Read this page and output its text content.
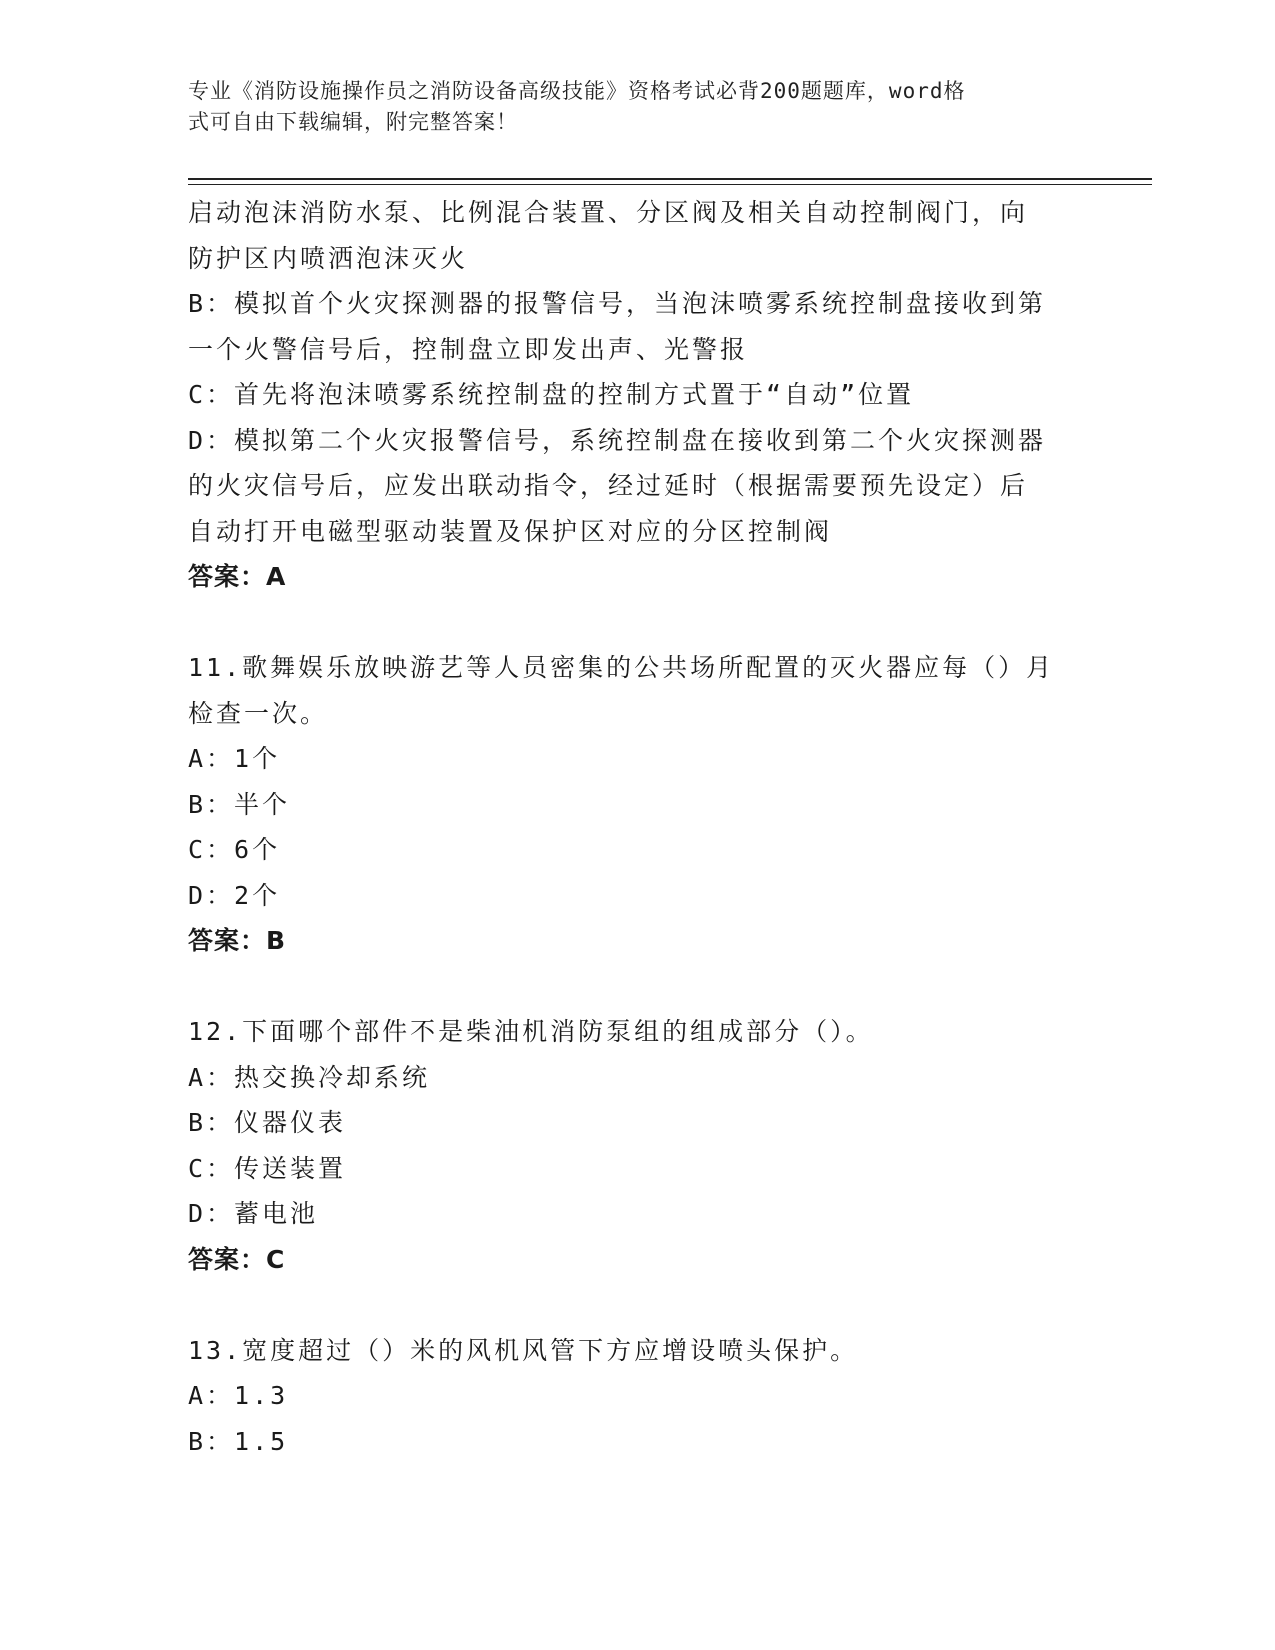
专业《消防设施操作员之消防设备高级技能》资格考试必背200题题库，word格
式可自由下载编辑，附完整答案！
启动泡沫消防水泵、比例混合装置、分区阀及相关自动控制阀门，向
防护区内喷洒泡沫灭火
B：模拟首个火灾探测器的报警信号，当泡沫喷雾系统控制盘接收到第
一个火警信号后，控制盘立即发出声、光警报
C：首先将泡沫喷雾系统控制盘的控制方式置于“自动”位置
D：模拟第二个火灾报警信号，系统控制盘在接收到第二个火灾探测器
的火灾信号后，应发出联动指令，经过延时（根据需要预先设定）后
自动打开电磁型驱动装置及保护区对应的分区控制阀
答案：A
11.歌舞娱乐放映游艺等人员密集的公共场所配置的灭火器应每（）月
检查一次。
A：1个
B：半个
C：6个
D：2个
答案：B
12.下面哪个部件不是柴油机消防泵组的组成部分（）。
A：热交换冷却系统
B：仪器仪表
C：传送装置
D：蓄电池
答案：C
13.宽度超过（）米的风机风管下方应增设喷头保护。
A：1.3
B：1.5
